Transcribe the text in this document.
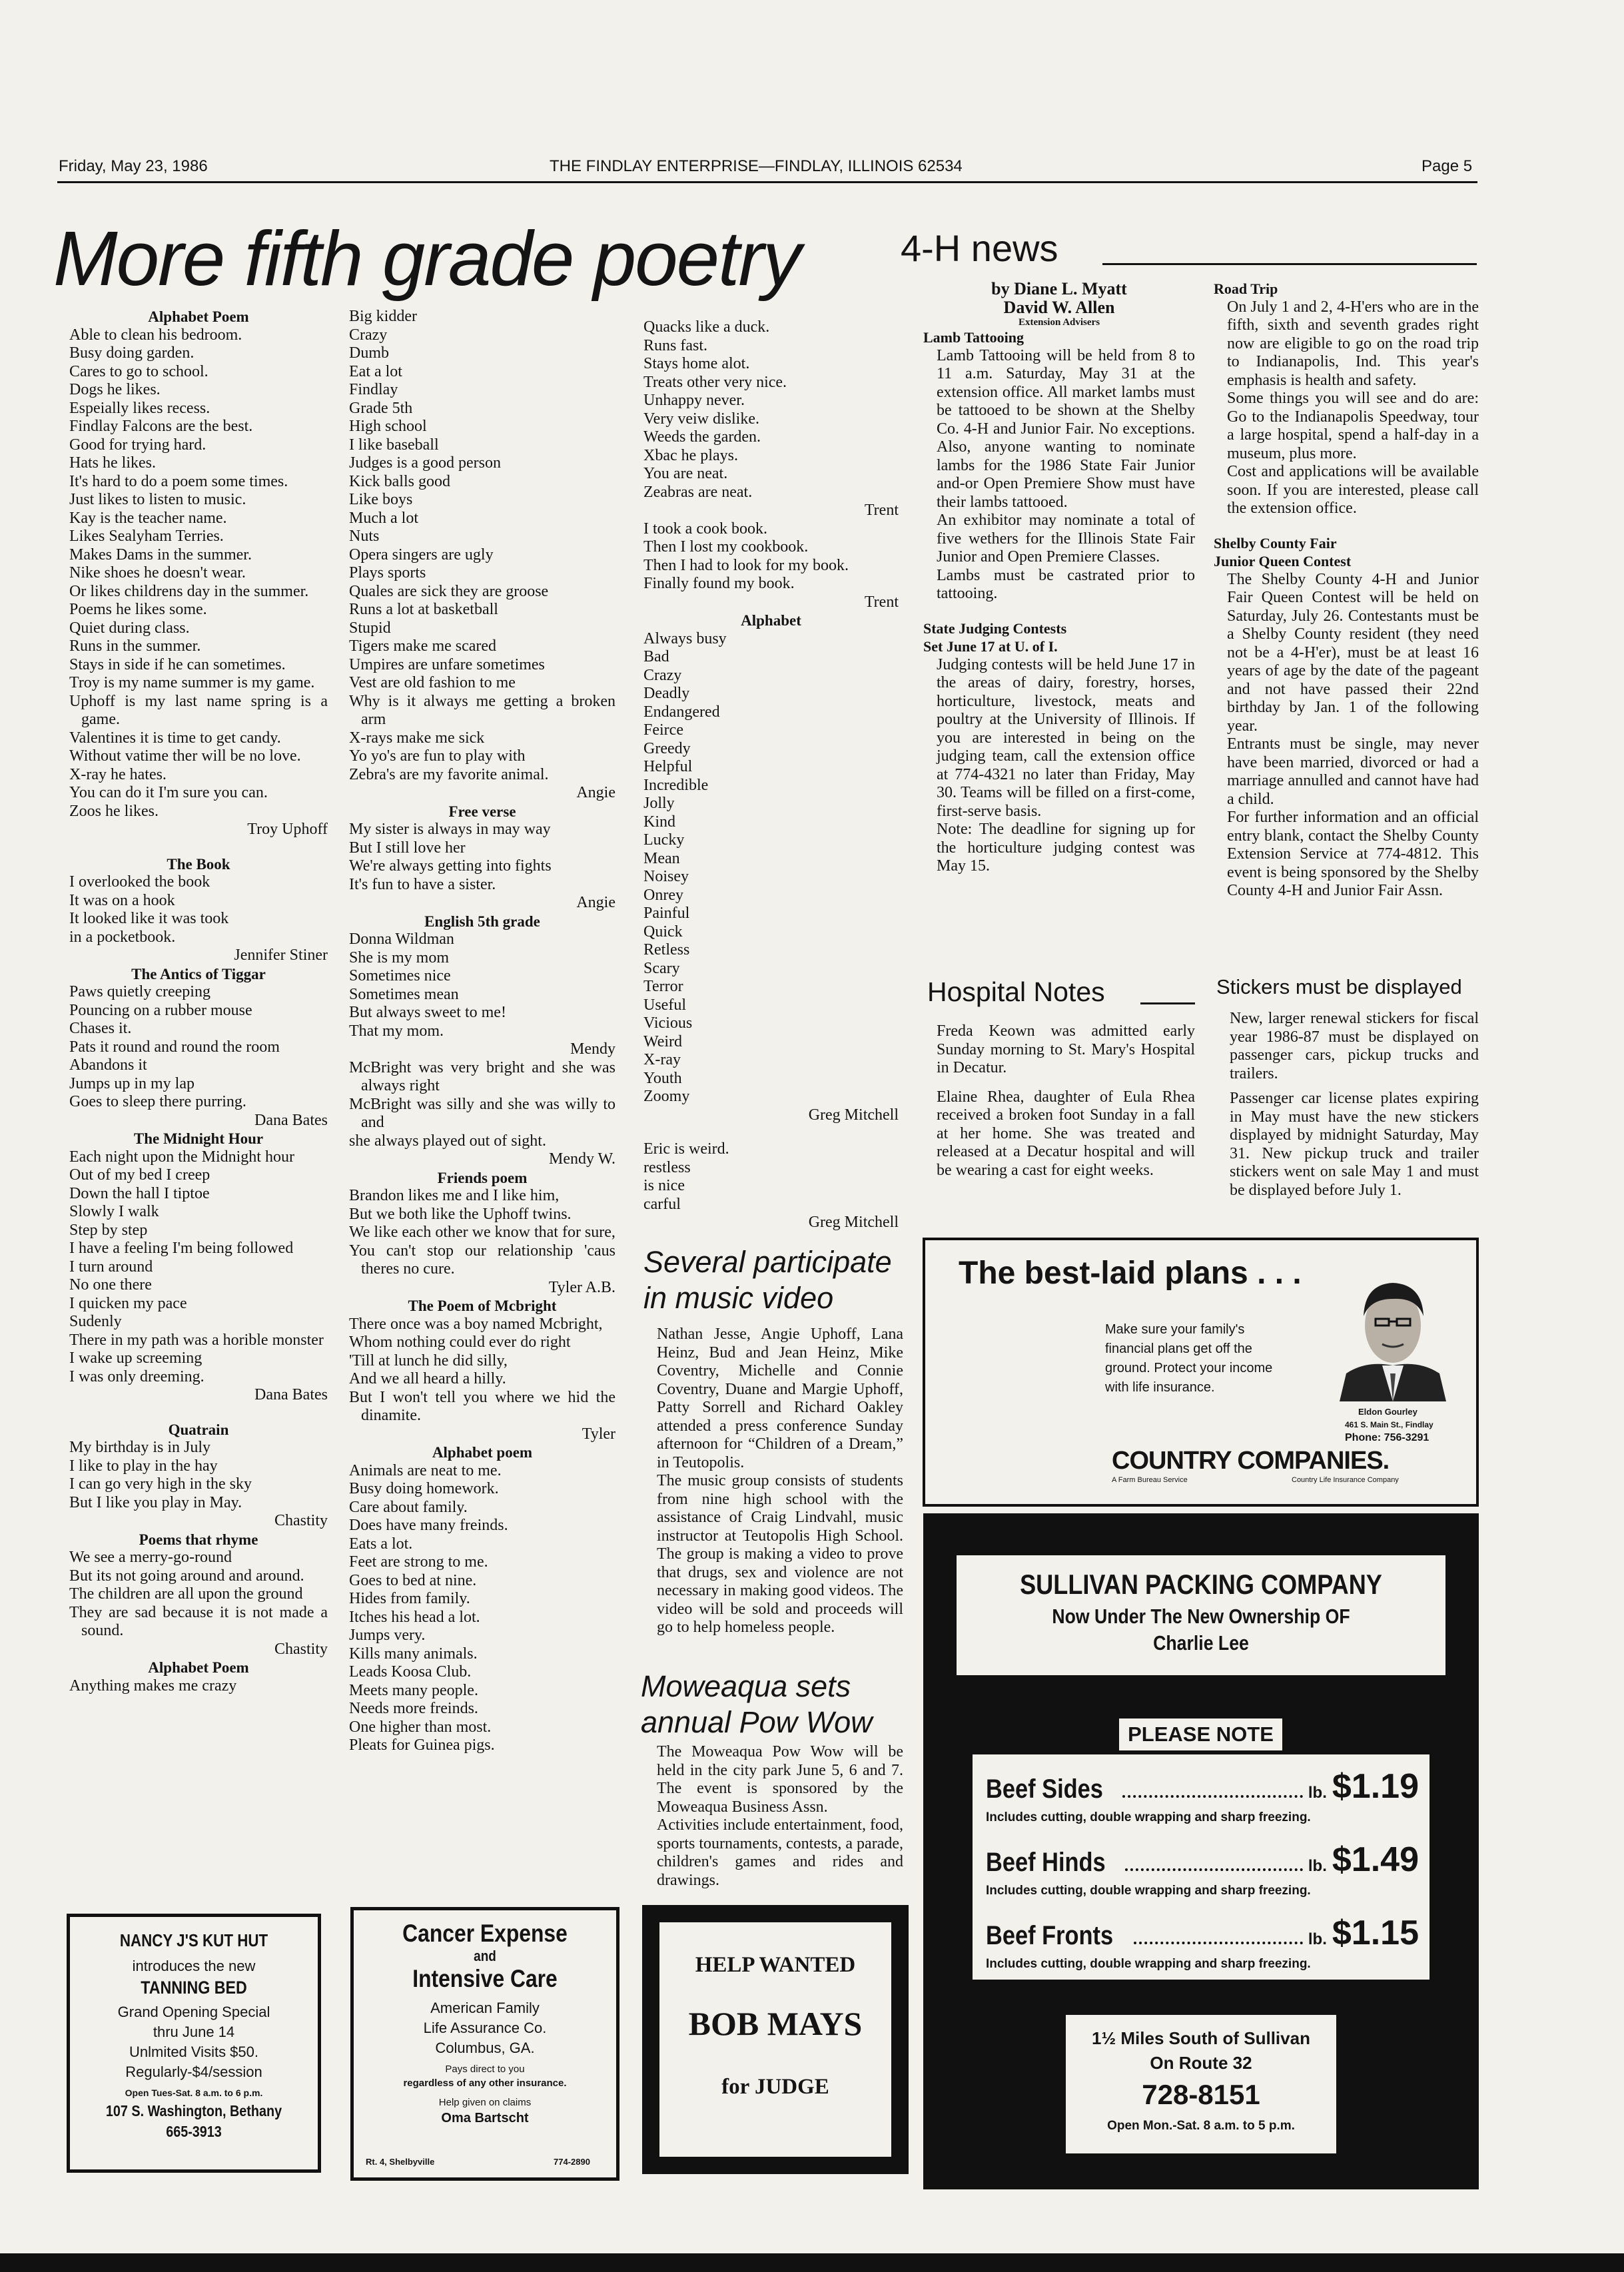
Friday, May 23, 1986	THE FINDLAY ENTERPRISE—FINDLAY, ILLINOIS 62534	Page 5
More fifth grade poetry

Alphabet Poem

Able to clean his bedroom.

Busy doing garden.

Cares to go to school.

Dogs he likes.

Espeially likes recess.

Findlay Falcons are the best.

Good for trying hard.

Hats he likes.

It's hard to do a poem some times.

Just likes to listen to music.

Kay is the teacher name.

Likes Sealyham Terries.

Makes Dams in the summer.

Nike shoes he doesn't wear.

Or likes childrens day in the summer.

Poems he likes some.

Quiet during class.

Runs in the summer.

Stays in side if he can sometimes.

Troy is my name summer is my game.

Uphoff is my last name spring is a game.

Valentines it is time to get candy.

Without vatime ther will be no love.

X-ray he hates.

You can do it I'm sure you can.

Zoos he likes.

Troy Uphoff

The Book

I overlooked the book

It was on a hook

It looked like it was took

in a pocketbook.

Jennifer Stiner

The Antics of Tiggar

Paws quietly creeping

Pouncing on a rubber mouse

Chases it.

Pats it round and round the room

Abandons it

Jumps up in my lap

Goes to sleep there purring.

Dana Bates

The Midnight Hour

Each night upon the Midnight hour

Out of my bed I creep

Down the hall I tiptoe

Slowly I walk

Step by step

I have a feeling I'm being followed

I turn around

No one there

I quicken my pace

Sudenly

There in my path was a horible monster

I wake up screeming

I was only dreeming.

Dana Bates

Quatrain

My birthday is in July

I like to play in the hay

I can go very high in the sky

But I like you play in May.

Chastity

Poems that rhyme

We see a merry-go-round

But its not going around and around.

The children are all upon the ground

They are sad because it is not made a sound.

Chastity

Alphabet Poem

Anything makes me crazy

Big kidder

Crazy

Dumb

Eat a lot

Findlay

Grade 5th

High school

I like baseball

Judges is a good person

Kick balls good

Like boys

Much a lot

Nuts

Opera singers are ugly

Plays sports

Quales are sick they are groose

Runs a lot at basketball

Stupid

Tigers make me scared

Umpires are unfare sometimes

Vest are old fashion to me

Why is it always me getting a broken arm

X-rays make me sick

Yo yo's are fun to play with

Zebra's are my favorite animal.

Angie

Free verse

My sister is always in may way

But I still love her

We're always getting into fights

It's fun to have a sister.

Angie

English 5th grade

Donna Wildman

She is my mom

Sometimes nice

Sometimes mean

But always sweet to me!

That my mom.

Mendy

McBright was very bright and she was always right

McBright was silly and she was willy to and

she always played out of sight.

Mendy W.

Friends poem

Brandon likes me and I like him,

But we both like the Uphoff twins.

We like each other we know that for sure,

You can't stop our relationship 'caus theres no cure.

Tyler A.B.

The Poem of Mcbright

There once was a boy named Mcbright,

Whom nothing could ever do right

'Till at lunch he did silly,

And we all heard a hilly.

But I won't tell you where we hid the dinamite.

Tyler

Alphabet poem

Animals are neat to me.

Busy doing homework.

Care about family.

Does have many freinds.

Eats a lot.

Feet are strong to me.

Goes to bed at nine.

Hides from family.

Itches his head a lot.

Jumps very.

Kills many animals.

Leads Koosa Club.

Meets many people.

Needs more freinds.

One higher than most.

Pleats for Guinea pigs.

Quacks like a duck.

Runs fast.

Stays home alot.

Treats other very nice.

Unhappy never.

Very veiw dislike.

Weeds the garden.

Xbac he plays.

You are neat.

Zeabras are neat.

Trent

I took a cook book.

Then I lost my cookbook.

Then I had to look for my book.

Finally found my book.

Trent

Alphabet

Always busy

Bad

Crazy

Deadly

Endangered

Feirce

Greedy

Helpful

Incredible

Jolly

Kind

Lucky

Mean

Noisey

Onrey

Painful

Quick

Retless

Scary

Terror

Useful

Vicious

Weird

X-ray

Youth

Zoomy

Greg Mitchell

Eric is weird.

restless

is nice

carful

Greg Mitchell

Several participate in music video

Nathan Jesse, Angie Uphoff, Lana Heinz, Bud and Jean Heinz, Mike Coventry, Michelle and Connie Coventry, Duane and Margie Uphoff, Patty Sorrell and Richard Oakley attended a press conference Sunday afternoon for “Children of a Dream,” in Teutopolis.

The music group consists of students from nine high school with the assistance of Craig Lindvahl, music instructor at Teutopolis High School. The group is making a video to prove that drugs, sex and violence are not necessary in making good videos. The video will be sold and proceeds will go to help homeless people.

Moweaqua sets annual Pow Wow

The Moweaqua Pow Wow will be held in the city park June 5, 6 and 7. The event is sponsored by the Moweaqua Business Assn.

Activities include entertainment, food, sports tournaments, contests, a parade, children's games and rides and drawings.

4-H news

by Diane L. Myatt

David W. Allen

Extension Advisers

Lamb Tattooing

Lamb Tattooing will be held from 8 to 11 a.m. Saturday, May 31 at the extension office. All market lambs must be tattooed to be shown at the Shelby Co. 4-H and Junior Fair. No exceptions. Also, anyone wanting to nominate lambs for the 1986 State Fair Junior and-or Open Premiere Show must have their lambs tattooed.

An exhibitor may nominate a total of five wethers for the Illinois State Fair Junior and Open Premiere Classes.

Lambs must be castrated prior to tattooing.

State Judging Contests

Set June 17 at U. of I.

Judging contests will be held June 17 in the areas of dairy, forestry, horses, horticulture, livestock, meats and poultry at the University of Illinois. If you are interested in being on the judging team, call the extension office at 774-4321 no later than Friday, May 30. Teams will be filled on a first-come, first-serve basis.

Note: The deadline for signing up for the horticulture judging contest was May 15.

Road Trip

On July 1 and 2, 4-H'ers who are in the fifth, sixth and seventh grades right now are eligible to go on the road trip to Indianapolis, Ind. This year's emphasis is health and safety.

Some things you will see and do are: Go to the Indianapolis Speedway, tour a large hospital, spend a half-day in a museum, plus more.

Cost and applications will be available soon. If you are interested, please call the extension office.

Shelby County Fair

Junior Queen Contest

The Shelby County 4-H and Junior Fair Queen Contest will be held on Saturday, July 26. Contestants must be a Shelby County resident (they need not be a 4-H'er), must be at least 16 years of age by the date of the pageant and not have passed their 22nd birthday by Jan. 1 of the following year.

Entrants must be single, may never have been married, divorced or had a marriage annulled and cannot have had a child.

For further information and an official entry blank, contact the Shelby County Extension Service at 774-4812. This event is being sponsored by the Shelby County 4-H and Junior Fair Assn.

Hospital Notes

Freda Keown was admitted early Sunday morning to St. Mary's Hospital in Decatur.

Elaine Rhea, daughter of Eula Rhea received a broken foot Sunday in a fall at her home. She was treated and released at a Decatur hospital and will be wearing a cast for eight weeks.

Stickers must be displayed

New, larger renewal stickers for fiscal year 1986-87 must be displayed on passenger cars, pickup trucks and trailers.

Passenger car license plates expiring in May must have the new stickers displayed by midnight Saturday, May 31. New pickup truck and trailer stickers went on sale May 1 and must be displayed before July 1.

The best-laid plans . . .
Make sure your family's financial plans get off the ground. Protect your income with life insurance.
Eldon Gourley
461 S. Main St., Findlay
Phone: 756-3291
COUNTRY COMPANIES.
A Farm Bureau Service	Country Life Insurance Company
SULLIVAN PACKING COMPANY
Now Under The New Ownership OF
Charlie Lee
PLEASE NOTE
Beef Sides	lb. $1.19
Includes cutting, double wrapping and sharp freezing.
Beef Hinds	lb. $1.49
Includes cutting, double wrapping and sharp freezing.
Beef Fronts	lb. $1.15
Includes cutting, double wrapping and sharp freezing.
1½ Miles South of Sullivan
On Route 32
728-8151
Open Mon.-Sat. 8 a.m. to 5 p.m.
NANCY J'S KUT HUT
introduces the new
TANNING BED
Grand Opening Special
thru June 14
Unlmited Visits $50.
Regularly-$4/session
Open Tues-Sat. 8 a.m. to 6 p.m.
107 S. Washington, Bethany
665-3913
Cancer Expense
and
Intensive Care
American Family
Life Assurance Co.
Columbus, GA.
Pays direct to you
regardless of any other insurance.
Help given on claims
Oma Bartscht
Rt. 4, Shelbyville	774-2890
HELP WANTED
BOB MAYS
for JUDGE
